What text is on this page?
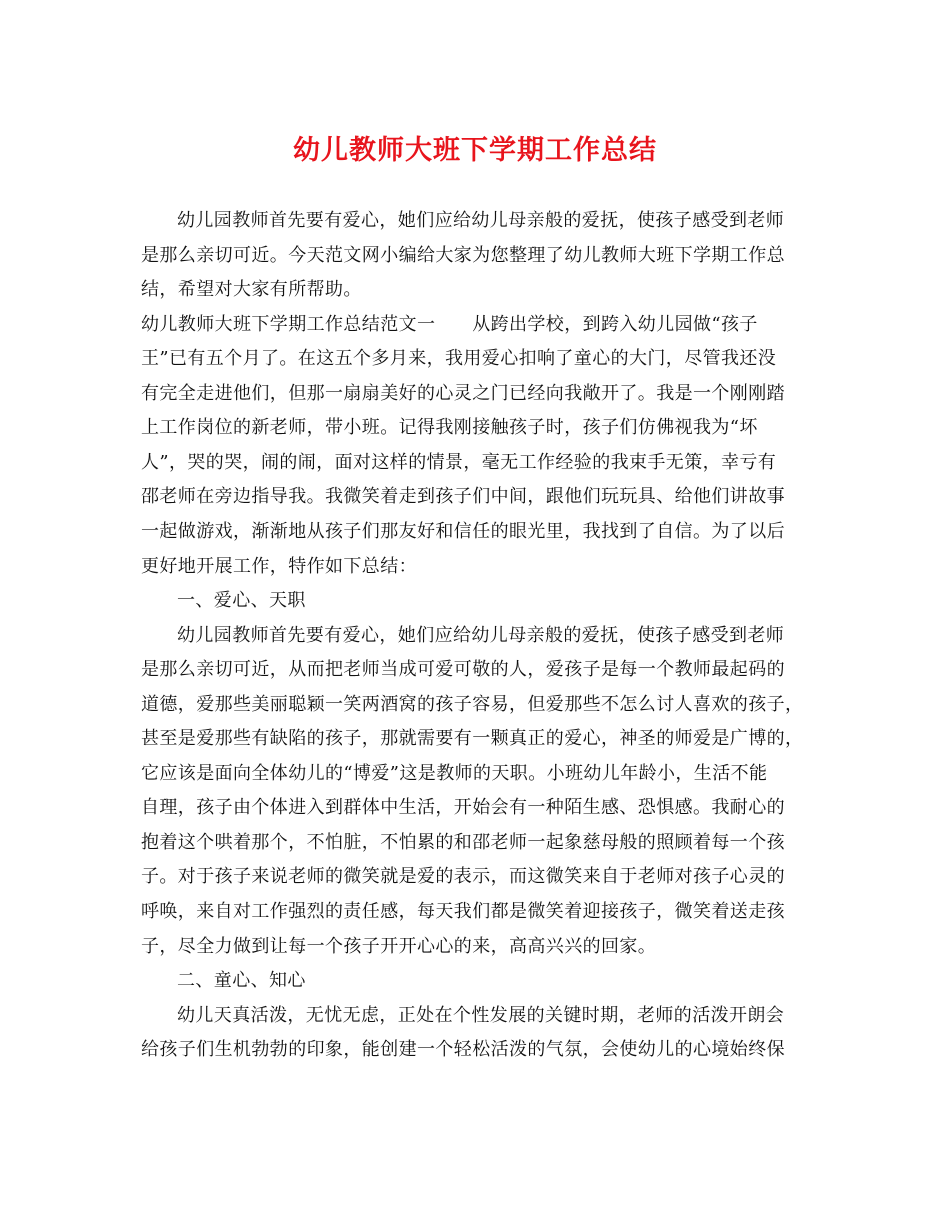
幼儿教师大班下学期工作总结
幼儿园教师首先要有爱心，她们应给幼儿母亲般的爱抚，使孩子感受到老师
是那么亲切可近。今天范文网小编给大家为您整理了幼儿教师大班下学期工作总
结，希望对大家有所帮助。
幼儿教师大班下学期工作总结范文一　　从跨出学校，到跨入幼儿园做“孩子
王”已有五个月了。在这五个多月来，我用爱心扣响了童心的大门，尽管我还没
有完全走进他们，但那一扇扇美好的心灵之门已经向我敞开了。我是一个刚刚踏
上工作岗位的新老师，带小班。记得我刚接触孩子时，孩子们仿佛视我为“坏
人”，哭的哭，闹的闹，面对这样的情景，毫无工作经验的我束手无策，幸亏有
邵老师在旁边指导我。我微笑着走到孩子们中间，跟他们玩玩具、给他们讲故事
一起做游戏，渐渐地从孩子们那友好和信任的眼光里，我找到了自信。为了以后
更好地开展工作，特作如下总结：
一、爱心、天职
幼儿园教师首先要有爱心，她们应给幼儿母亲般的爱抚，使孩子感受到老师
是那么亲切可近，从而把老师当成可爱可敬的人，爱孩子是每一个教师最起码的
道德，爱那些美丽聪颖一笑两酒窝的孩子容易，但爱那些不怎么讨人喜欢的孩子，
甚至是爱那些有缺陷的孩子，那就需要有一颗真正的爱心，神圣的师爱是广博的，
它应该是面向全体幼儿的“博爱”这是教师的天职。小班幼儿年龄小，生活不能
自理，孩子由个体进入到群体中生活，开始会有一种陌生感、恐惧感。我耐心的
抱着这个哄着那个，不怕脏，不怕累的和邵老师一起象慈母般的照顾着每一个孩
子。对于孩子来说老师的微笑就是爱的表示，而这微笑来自于老师对孩子心灵的
呼唤，来自对工作强烈的责任感，每天我们都是微笑着迎接孩子，微笑着送走孩
子，尽全力做到让每一个孩子开开心心的来，高高兴兴的回家。
二、童心、知心
幼儿天真活泼，无忧无虑，正处在个性发展的关键时期，老师的活泼开朗会
给孩子们生机勃勃的印象，能创建一个轻松活泼的气氛，会使幼儿的心境始终保
